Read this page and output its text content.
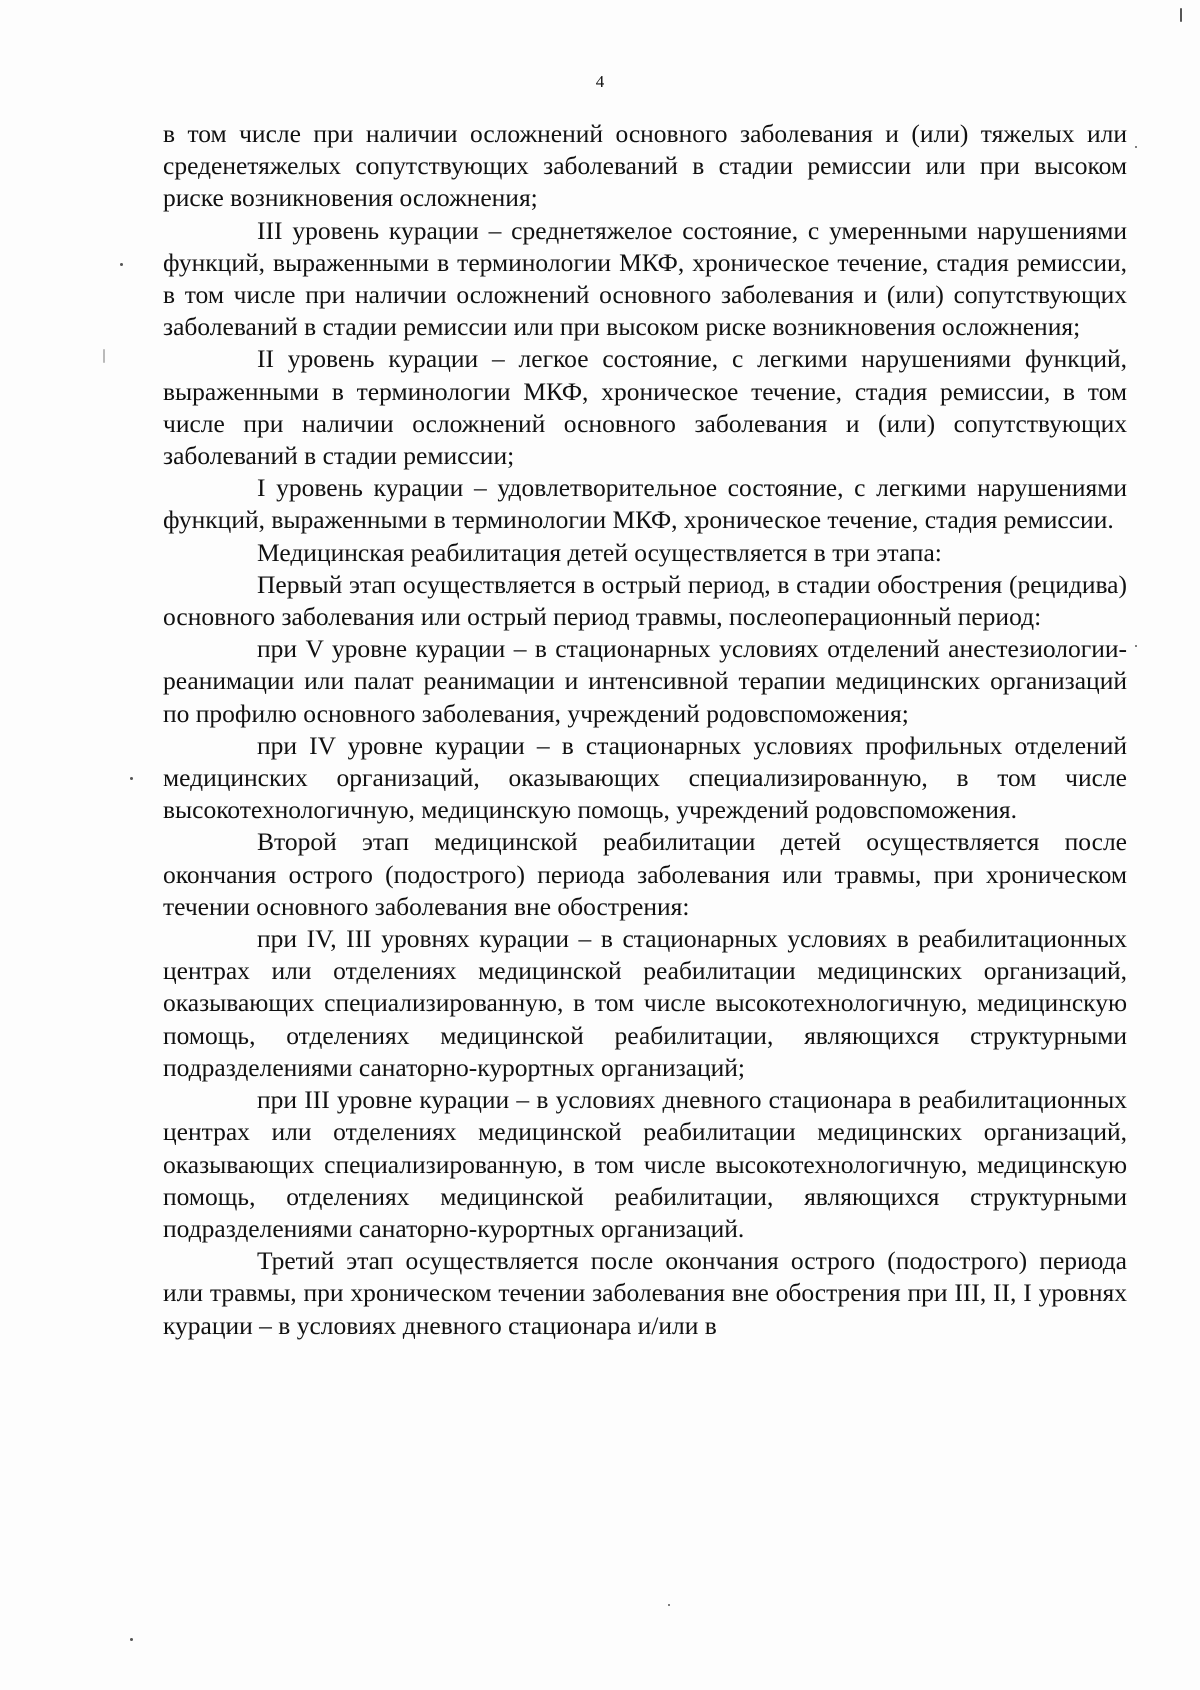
4

в том числе при наличии осложнений основного заболевания и (или) тяжелых или среденетяжелых сопутствующих заболеваний в стадии ремиссии или при высоком риске возникновения осложнения;

III уровень курации – среднетяжелое состояние, с умеренными нарушениями функций, выраженными в терминологии МКФ, хроническое течение, стадия ремиссии, в том числе при наличии осложнений основного заболевания и (или) сопутствующих заболеваний в стадии ремиссии или при высоком риске возникновения осложнения;

II уровень курации – легкое состояние, с легкими нарушениями функций, выраженными в терминологии МКФ, хроническое течение, стадия ремиссии, в том числе при наличии осложнений основного заболевания и (или) сопутствующих заболеваний в стадии ремиссии;

I уровень курации – удовлетворительное состояние, с легкими нарушениями функций, выраженными в терминологии МКФ, хроническое течение, стадия ремиссии.

Медицинская реабилитация детей осуществляется в три этапа:

Первый этап осуществляется в острый период, в стадии обострения (рецидива) основного заболевания или острый период травмы, послеоперационный период:

при V уровне курации – в стационарных условиях отделений анестезиологии-реанимации или палат реанимации и интенсивной терапии медицинских организаций по профилю основного заболевания, учреждений родовспоможения;

при IV уровне курации – в стационарных условиях профильных отделений медицинских организаций, оказывающих специализированную, в том числе высокотехнологичную, медицинскую помощь, учреждений родовспоможения.

Второй этап медицинской реабилитации детей осуществляется после окончания острого (подострого) периода заболевания или травмы, при хроническом течении основного заболевания вне обострения:

при IV, III уровнях курации – в стационарных условиях в реабилитационных центрах или отделениях медицинской реабилитации медицинских организаций, оказывающих специализированную, в том числе высокотехнологичную, медицинскую помощь, отделениях медицинской реабилитации, являющихся структурными подразделениями санаторно-курортных организаций;

при III уровне курации – в условиях дневного стационара в реабилитационных центрах или отделениях медицинской реабилитации медицинских организаций, оказывающих специализированную, в том числе высокотехнологичную, медицинскую помощь, отделениях медицинской реабилитации, являющихся структурными подразделениями санаторно-курортных организаций.

Третий этап осуществляется после окончания острого (подострого) периода или травмы, при хроническом течении заболевания вне обострения при III, II, I уровнях курации – в условиях дневного стационара и/или в
